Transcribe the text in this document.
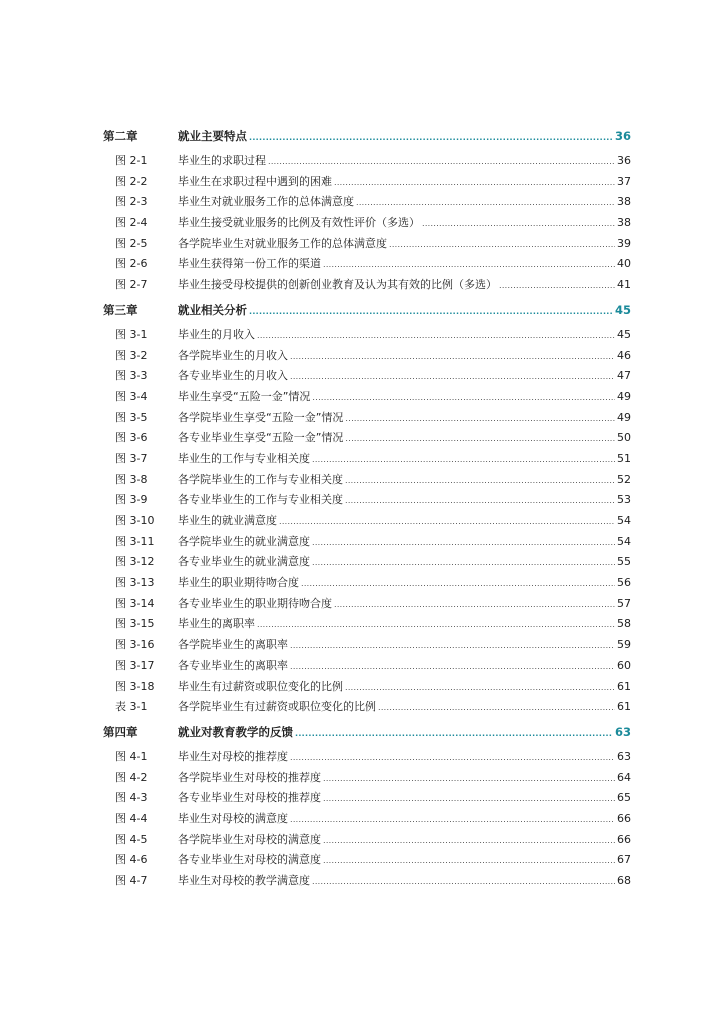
第二章	就业主要特点 .....	36
图 2-1	毕业生的求职过程 .....	36
图 2-2	毕业生在求职过程中遇到的困难 .....	37
图 2-3	毕业生对就业服务工作的总体满意度 .....	38
图 2-4	毕业生接受就业服务的比例及有效性评价（多选） .....	38
图 2-5	各学院毕业生对就业服务工作的总体满意度 .....	39
图 2-6	毕业生获得第一份工作的渠道 .....	40
图 2-7	毕业生接受母校提供的创新创业教育及认为其有效的比例（多选） .....	41
第三章	就业相关分析 .....	45
图 3-1	毕业生的月收入 .....	45
图 3-2	各学院毕业生的月收入 .....	46
图 3-3	各专业毕业生的月收入 .....	47
图 3-4	毕业生享受“五险一金”情况 .....	49
图 3-5	各学院毕业生享受“五险一金”情况 .....	49
图 3-6	各专业毕业生享受“五险一金”情况 .....	50
图 3-7	毕业生的工作与专业相关度 .....	51
图 3-8	各学院毕业生的工作与专业相关度 .....	52
图 3-9	各专业毕业生的工作与专业相关度 .....	53
图 3-10	毕业生的就业满意度 .....	54
图 3-11	各学院毕业生的就业满意度 .....	54
图 3-12	各专业毕业生的就业满意度 .....	55
图 3-13	毕业生的职业期待吻合度 .....	56
图 3-14	各专业毕业生的职业期待吻合度 .....	57
图 3-15	毕业生的离职率 .....	58
图 3-16	各学院毕业生的离职率 .....	59
图 3-17	各专业毕业生的离职率 .....	60
图 3-18	毕业生有过薪资或职位变化的比例 .....	61
表 3-1	各学院毕业生有过薪资或职位变化的比例 .....	61
第四章	就业对教育教学的反馈 .....	63
图 4-1	毕业生对母校的推荐度 .....	63
图 4-2	各学院毕业生对母校的推荐度 .....	64
图 4-3	各专业毕业生对母校的推荐度 .....	65
图 4-4	毕业生对母校的满意度 .....	66
图 4-5	各学院毕业生对母校的满意度 .....	66
图 4-6	各专业毕业生对母校的满意度 .....	67
图 4-7	毕业生对母校的教学满意度 .....	68
